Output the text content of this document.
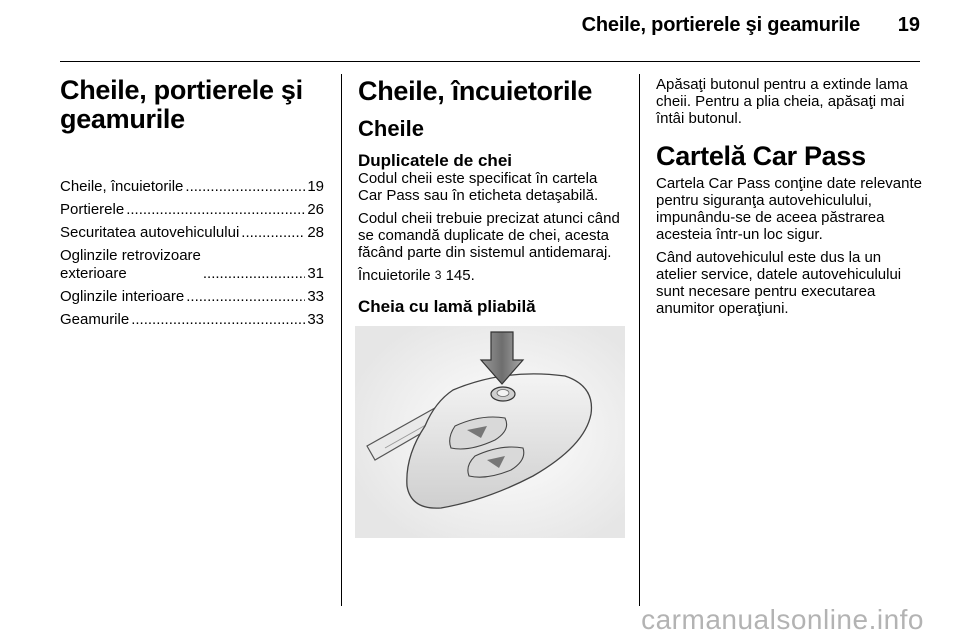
Cheile, portierele şi geamurile 19
Cheile, portierele şi geamurile
Cheile, încuietorile .....	19
Portierele .....	26
Securitatea autovehiculului .....	28
Oglinzile retrovizoare
exterioare .....	31
Oglinzile interioare .....	33
Geamurile .....	33
Cheile, încuietorile
Cheile
Duplicatele de chei

Codul cheii este specificat în cartela Car Pass sau în eticheta detaşabilă.

Codul cheii trebuie precizat atunci când se comandă duplicate de chei, acesta făcând parte din sistemul antidemaraj.

Încuietorile 3 145.

Cheia cu lamă pliabilă

Apăsaţi butonul pentru a extinde lama cheii. Pentru a plia cheia, apăsaţi mai întâi butonul.

Cartelă Car Pass

Cartela Car Pass conţine date relevante pentru siguranţa autovehiculului, impunându-se de aceea păstrarea acesteia într-un loc sigur.

Când autovehiculul este dus la un atelier service, datele autovehiculului sunt necesare pentru executarea anumitor operaţiuni.

carmanualsonline.info
